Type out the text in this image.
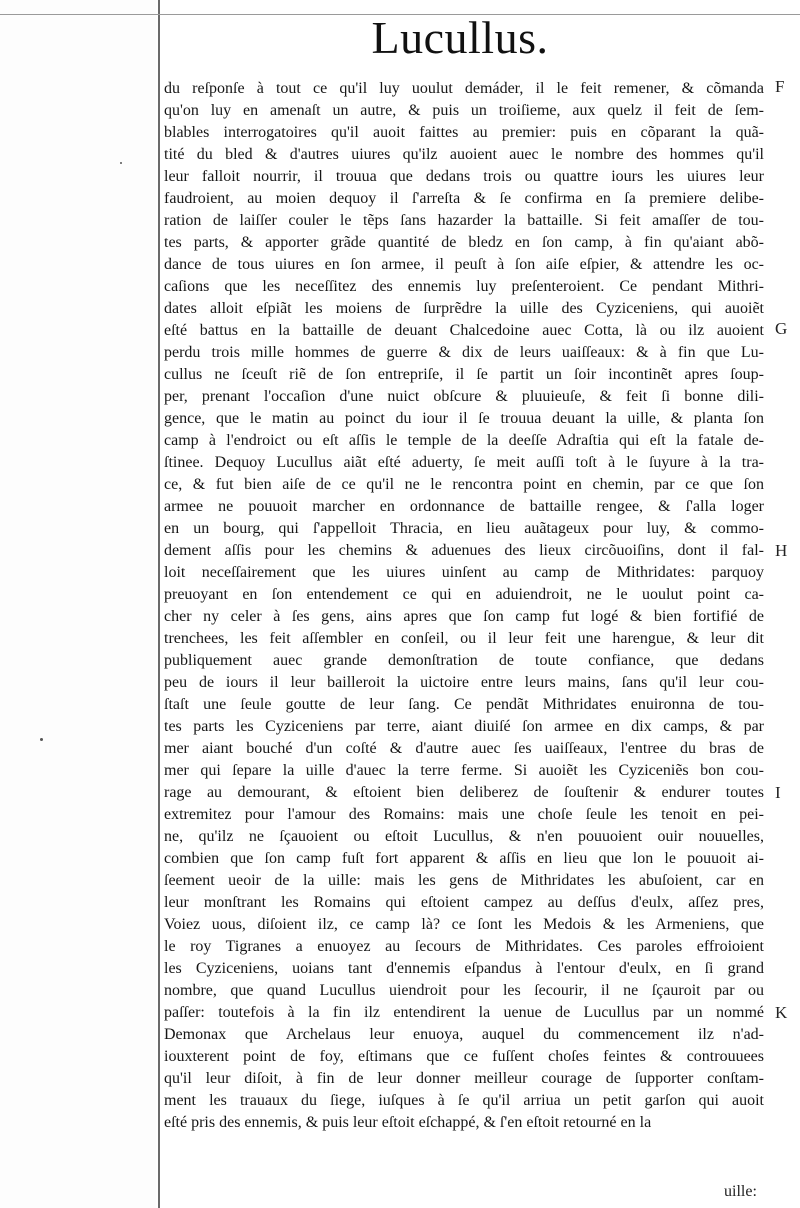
Lucullus.
du reſponſe à tout ce qu'il luy uoulut demáder, il le feit remener, & cõmanda
qu'on luy en amenaſt un autre, & puis un troiſieme, aux quelz il feit de ſem-
blables interrogatoires qu'il auoit faittes au premier: puis en cõparant la quã-
tité du bled & d'autres uiures qu'ilz auoient auec le nombre des hommes qu'il
leur falloit nourrir, il trouua que dedans trois ou quattre iours les uiures leur
faudroient, au moien dequoy il ſ'arreſta & ſe confirma en ſa premiere delibe-
ration de laiſſer couler le tẽps ſans hazarder la battaille. Si feit amaſſer de tou-
tes parts, & apporter grãde quantité de bledz en ſon camp, à fin qu'aiant abõ-
dance de tous uiures en ſon armee, il peuſt à ſon aiſe eſpier, & attendre les oc-
caſions que les neceſſitez des ennemis luy preſenteroient. Ce pendant Mithri-
dates alloit eſpiãt les moiens de ſurprẽdre la uille des Cyziceniens, qui auoiẽt
eſté battus en la battaille de deuant Chalcedoine auec Cotta, là ou ilz auoient
perdu trois mille hommes de guerre & dix de leurs uaiſſeaux: & à fin que Lu-
cullus ne ſceuſt riẽ de ſon entrepriſe, il ſe partit un ſoir incontinẽt apres ſoup-
per, prenant l'occaſion d'une nuict obſcure & pluuieuſe, & feit ſi bonne dili-
gence, que le matin au poinct du iour il ſe trouua deuant la uille, & planta ſon
camp à l'endroict ou eſt aſſis le temple de la deeſſe Adraſtia qui eſt la fatale de-
ſtinee. Dequoy Lucullus aiãt eſté aduerty, ſe meit auſſi toſt à le ſuyure à la tra-
ce, & fut bien aiſe de ce qu'il ne le rencontra point en chemin, par ce que ſon
armee ne pouuoit marcher en ordonnance de battaille rengee, & ſ'alla loger
en un bourg, qui ſ'appelloit Thracia, en lieu auãtageux pour luy, & commo-
dement aſſis pour les chemins & aduenues des lieux circõuoiſins, dont il fal-
loit neceſſairement que les uiures uinſent au camp de Mithridates: parquoy
preuoyant en ſon entendement ce qui en aduiendroit, ne le uoulut point ca-
cher ny celer à ſes gens, ains apres que ſon camp fut logé & bien fortifié de
trenchees, les feit aſſembler en conſeil, ou il leur feit une harengue, & leur dit
publiquement auec grande demonſtration de toute confiance, que dedans
peu de iours il leur bailleroit la uictoire entre leurs mains, ſans qu'il leur cou-
ſtaſt une ſeule goutte de leur ſang. Ce pendãt Mithridates enuironna de tou-
tes parts les Cyziceniens par terre, aiant diuiſé ſon armee en dix camps, & par
mer aiant bouché d'un coſté & d'autre auec ſes uaiſſeaux, l'entree du bras de
mer qui ſepare la uille d'auec la terre ferme. Si auoiẽt les Cyziceniẽs bon cou-
rage au demourant, & eſtoient bien deliberez de ſouſtenir & endurer toutes
extremitez pour l'amour des Romains: mais une choſe ſeule les tenoit en pei-
ne, qu'ilz ne ſçauoient ou eſtoit Lucullus, & n'en pouuoient ouir nouuelles,
combien que ſon camp fuſt fort apparent & aſſis en lieu que lon le pouuoit ai-
ſeement ueoir de la uille: mais les gens de Mithridates les abuſoient, car en
leur monſtrant les Romains qui eſtoient campez au deſſus d'eulx, aſſez pres,
Voiez uous, diſoient ilz, ce camp là? ce ſont les Medois & les Armeniens, que
le roy Tigranes a enuoyez au ſecours de Mithridates. Ces paroles effroioient
les Cyziceniens, uoians tant d'ennemis eſpandus à l'entour d'eulx, en ſi grand
nombre, que quand Lucullus uiendroit pour les ſecourir, il ne ſçauroit par ou
paſſer: toutefois à la fin ilz entendirent la uenue de Lucullus par un nommé
Demonax que Archelaus leur enuoya, auquel du commencement ilz n'ad-
iouxterent point de foy, eſtimans que ce fuſſent choſes feintes & controuuees
qu'il leur diſoit, à fin de leur donner meilleur courage de ſupporter conſtam-
ment les trauaux du ſiege, iuſques à ſe qu'il arriua un petit garſon qui auoit
eſté pris des ennemis, & puis leur eſtoit eſchappé, & ſ'en eſtoit retourné en la
F
G
H
I
K
uille:
